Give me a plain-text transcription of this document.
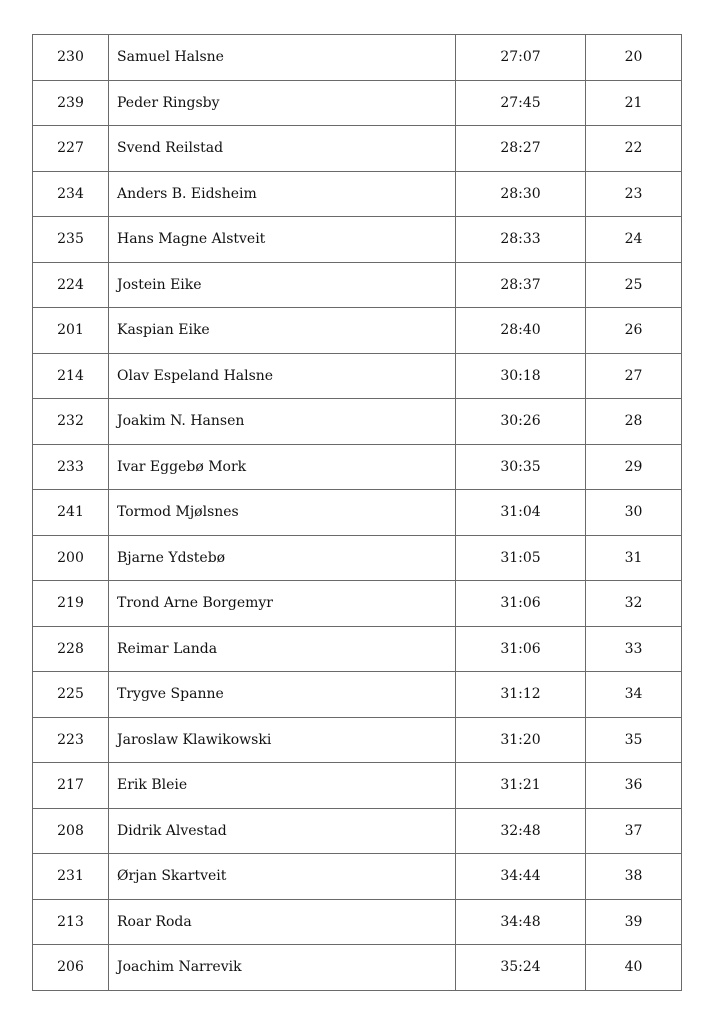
230	Samuel Halsne	27:07	20
239	Peder Ringsby	27:45	21
227	Svend Reilstad	28:27	22
234	Anders B. Eidsheim	28:30	23
235	Hans Magne Alstveit	28:33	24
224	Jostein Eike	28:37	25
201	Kaspian Eike	28:40	26
214	Olav Espeland Halsne	30:18	27
232	Joakim N. Hansen	30:26	28
233	Ivar Eggebø Mork	30:35	29
241	Tormod Mjølsnes	31:04	30
200	Bjarne Ydstebø	31:05	31
219	Trond Arne Borgemyr	31:06	32
228	Reimar Landa	31:06	33
225	Trygve Spanne	31:12	34
223	Jaroslaw Klawikowski	31:20	35
217	Erik Bleie	31:21	36
208	Didrik Alvestad	32:48	37
231	Ørjan Skartveit	34:44	38
213	Roar Roda	34:48	39
206	Joachim Narrevik	35:24	40
